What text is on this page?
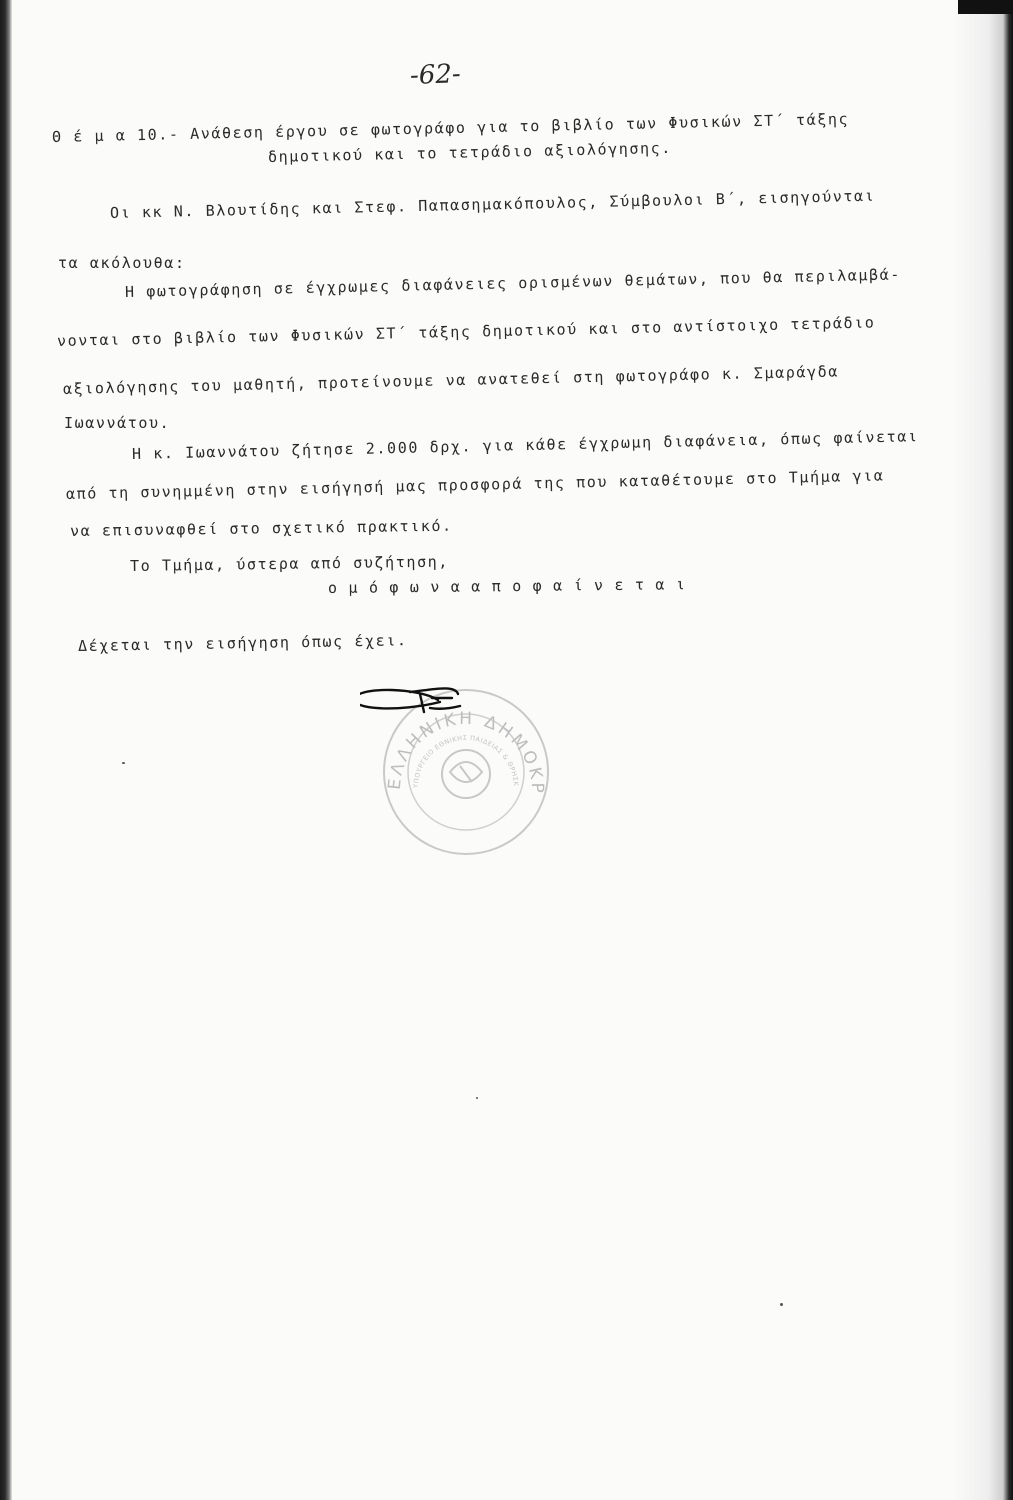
-62-
Θ έ μ α 10.- Ανάθεση έργου σε φωτογράφο για το βιβλίο των Φυσικών ΣΤ΄ τάξης
δημοτικού και το τετράδιο αξιολόγησης.
Οι κκ Ν. Βλουτίδης και Στεφ. Παπασημακόπουλος, Σύμβουλοι Β΄, εισηγούνται
τα ακόλουθα:
Η φωτογράφηση σε έγχρωμες διαφάνειες ορισμένων θεμάτων, που θα περιλαμβά-
νονται στο βιβλίο των Φυσικών ΣΤ΄ τάξης δημοτικού και στο αντίστοιχο τετράδιο
αξιολόγησης του μαθητή, προτείνουμε να ανατεθεί στη φωτογράφο κ. Σμαράγδα
Ιωαννάτου.
Η κ. Ιωαννάτου ζήτησε 2.000 δρχ. για κάθε έγχρωμη διαφάνεια, όπως φαίνεται
από τη συνημμένη στην εισήγησή μας προσφορά της που καταθέτουμε στο Τμήμα για
να επισυναφθεί στο σχετικό πρακτικό.
Το Τμήμα, ύστερα από συζήτηση,
ο μ ό φ ω ν α α π ο φ α ί ν ε τ α ι
Δέχεται την εισήγηση όπως έχει.
ΕΛΛΗΝΙΚΗ ΔΗΜΟΚΡ
ΥΠΟΥΡΓΕΙΟ ΕΘΝΙΚΗΣ ΠΑΙΔΕΙΑΣ & ΘΡΗΣΚ
